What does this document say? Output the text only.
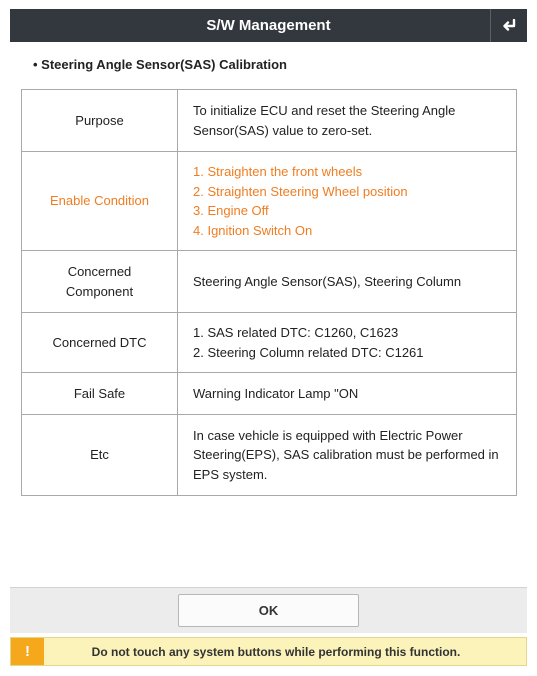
S/W Management
• Steering Angle Sensor(SAS) Calibration
Purpose	To initialize ECU and reset the Steering Angle
Sensor(SAS) value to zero-set.

Enable Condition	1. Straighten the front wheels
2. Straighten Steering Wheel position
3. Engine Off
4. Ignition Switch On

Concerned
Component	Steering Angle Sensor(SAS), Steering Column

Concerned DTC	1. SAS related DTC: C1260, C1623
2. Steering Column related DTC: C1261

Fail Safe	Warning Indicator Lamp "ON

Etc	In case vehicle is equipped with Electric Power
Steering(EPS), SAS calibration must be performed in
EPS system.
OK
!	Do not touch any system buttons while performing this function.
